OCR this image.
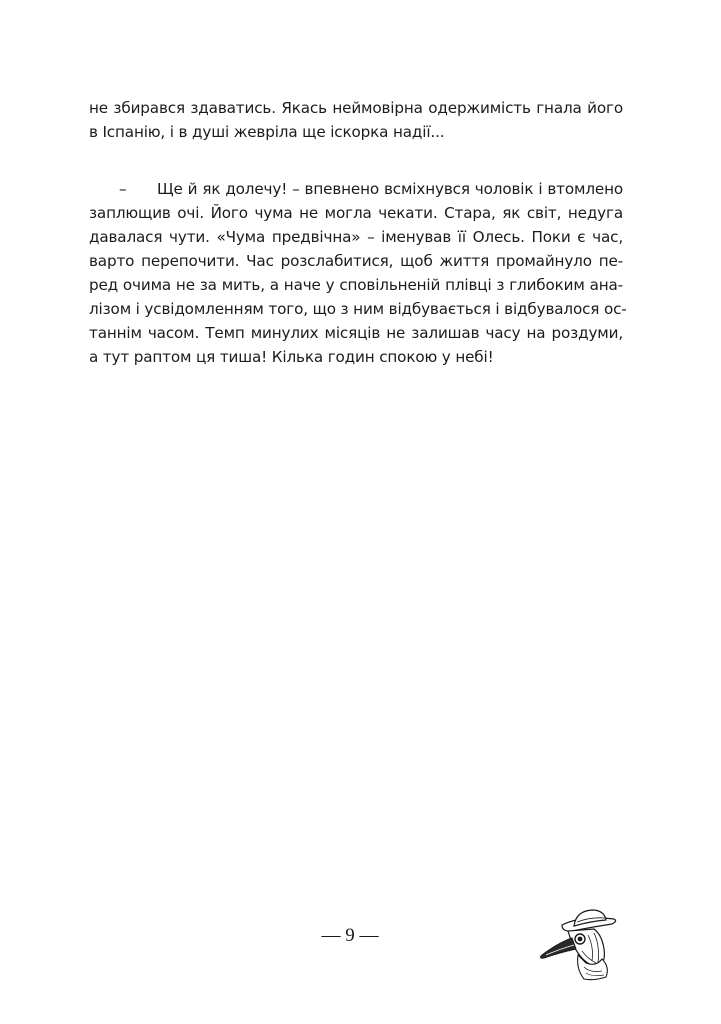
не збирався здаватись. Якась неймовірна одержимість гнала його
в Іспанію, і в душі жевріла ще іскорка надії...
–	Ще й як долечу! – впевнено всміхнувся чоловік і втомлено
заплющив очі. Його чума не могла чекати. Стара, як світ, недуга
давалася чути. «Чума предвічна» – іменував її Олесь. Поки є час,
варто перепочити. Час розслабитися, щоб життя промайнуло пе-
ред очима не за мить, а наче у сповільненій плівці з глибоким ана-
лізом і усвідомленням того, що з ним відбувається і відбувалося ос-
таннім часом. Темп минулих місяців не залишав часу на роздуми,
а тут раптом ця тиша! Кілька годин спокою у небі!
— 9 —
